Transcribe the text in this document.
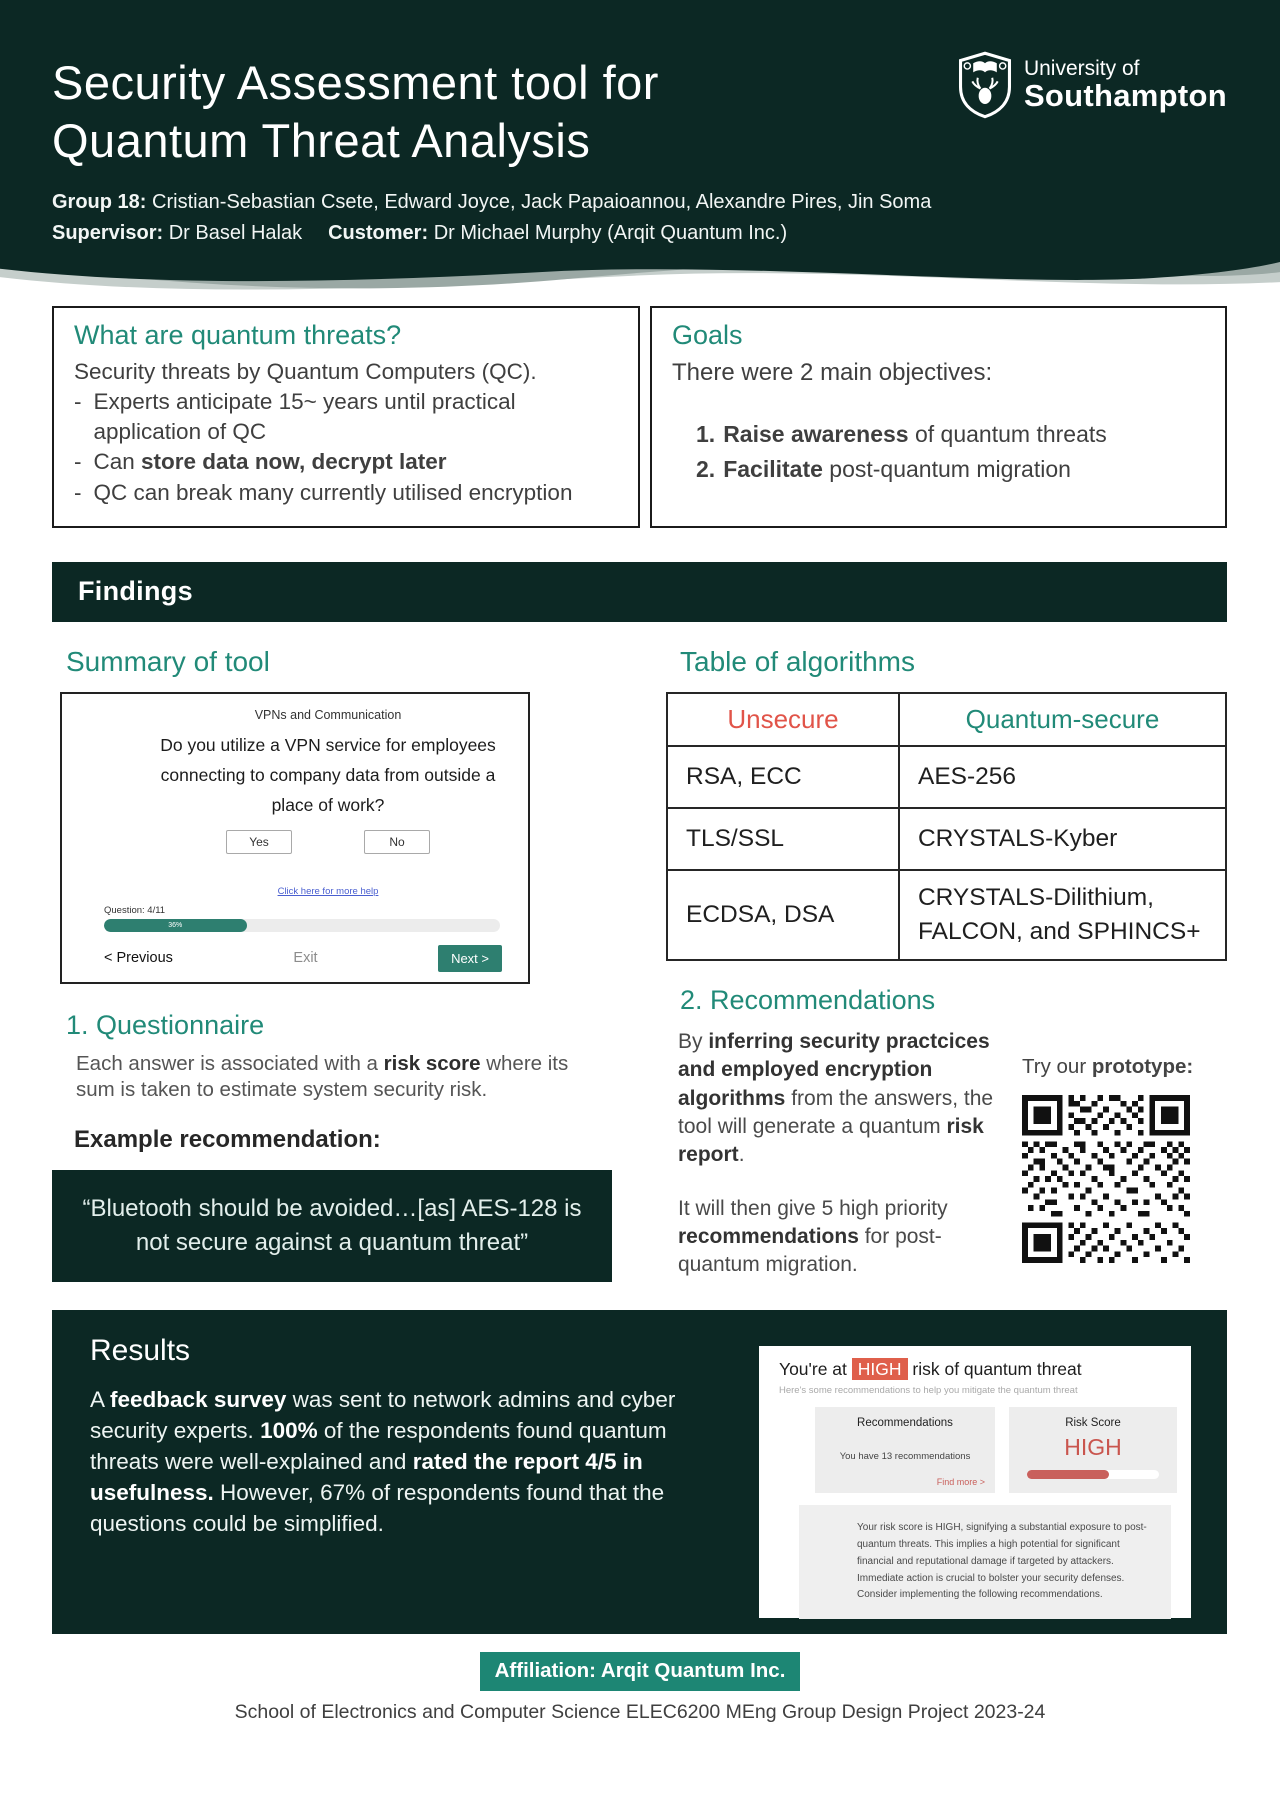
Security Assessment tool for
Quantum Threat Analysis
Group 18: Cristian-Sebastian Csete, Edward Joyce, Jack Papaioannou, Alexandre Pires, Jin Soma
Supervisor: Dr Basel Halak Customer: Dr Michael Murphy (Arqit Quantum Inc.)
University of
Southampton
What are quantum threats?
Security threats by Quantum Computers (QC).
- Experts anticipate 15~ years until practical application of QC
- Can store data now, decrypt later
- QC can break many currently utilised encryption
Goals
There were 2 main objectives:
1. Raise awareness of quantum threats
2. Facilitate post-quantum migration
Findings
Summary of tool
VPNs and Communication
Do you utilize a VPN service for employees connecting to company data from outside a place of work?
Yes	No
Click here for more help
Question: 4/11
36%
< Previous	Exit	Next >
1. Questionnaire
Each answer is associated with a risk score where its sum is taken to estimate system security risk.
Example recommendation:
“Bluetooth should be avoided…[as] AES-128 is not secure against a quantum threat”
Table of algorithms
Unsecure	Quantum-secure
RSA, ECC	AES-256
TLS/SSL	CRYSTALS-Kyber
ECDSA, DSA	CRYSTALS-Dilithium, FALCON, and SPHINCS+
2. Recommendations
By inferring security practcices and employed encryption algorithms from the answers, the tool will generate a quantum risk report.
It will then give 5 high priority recommendations for post-quantum migration.
Try our prototype:
Results
A feedback survey was sent to network admins and cyber security experts. 100% of the respondents found quantum threats were well-explained and rated the report 4/5 in usefulness. However, 67% of respondents found that the questions could be simplified.
You're at HIGH risk of quantum threat
Here's some recommendations to help you mitigate the quantum threat
Recommendations
You have 13 recommendations
Find more >
Risk Score
HIGH
Your risk score is HIGH, signifying a substantial exposure to post-quantum threats. This implies a high potential for significant financial and reputational damage if targeted by attackers. Immediate action is crucial to bolster your security defenses. Consider implementing the following recommendations.
Affiliation: Arqit Quantum Inc.
School of Electronics and Computer Science ELEC6200 MEng Group Design Project 2023-24
